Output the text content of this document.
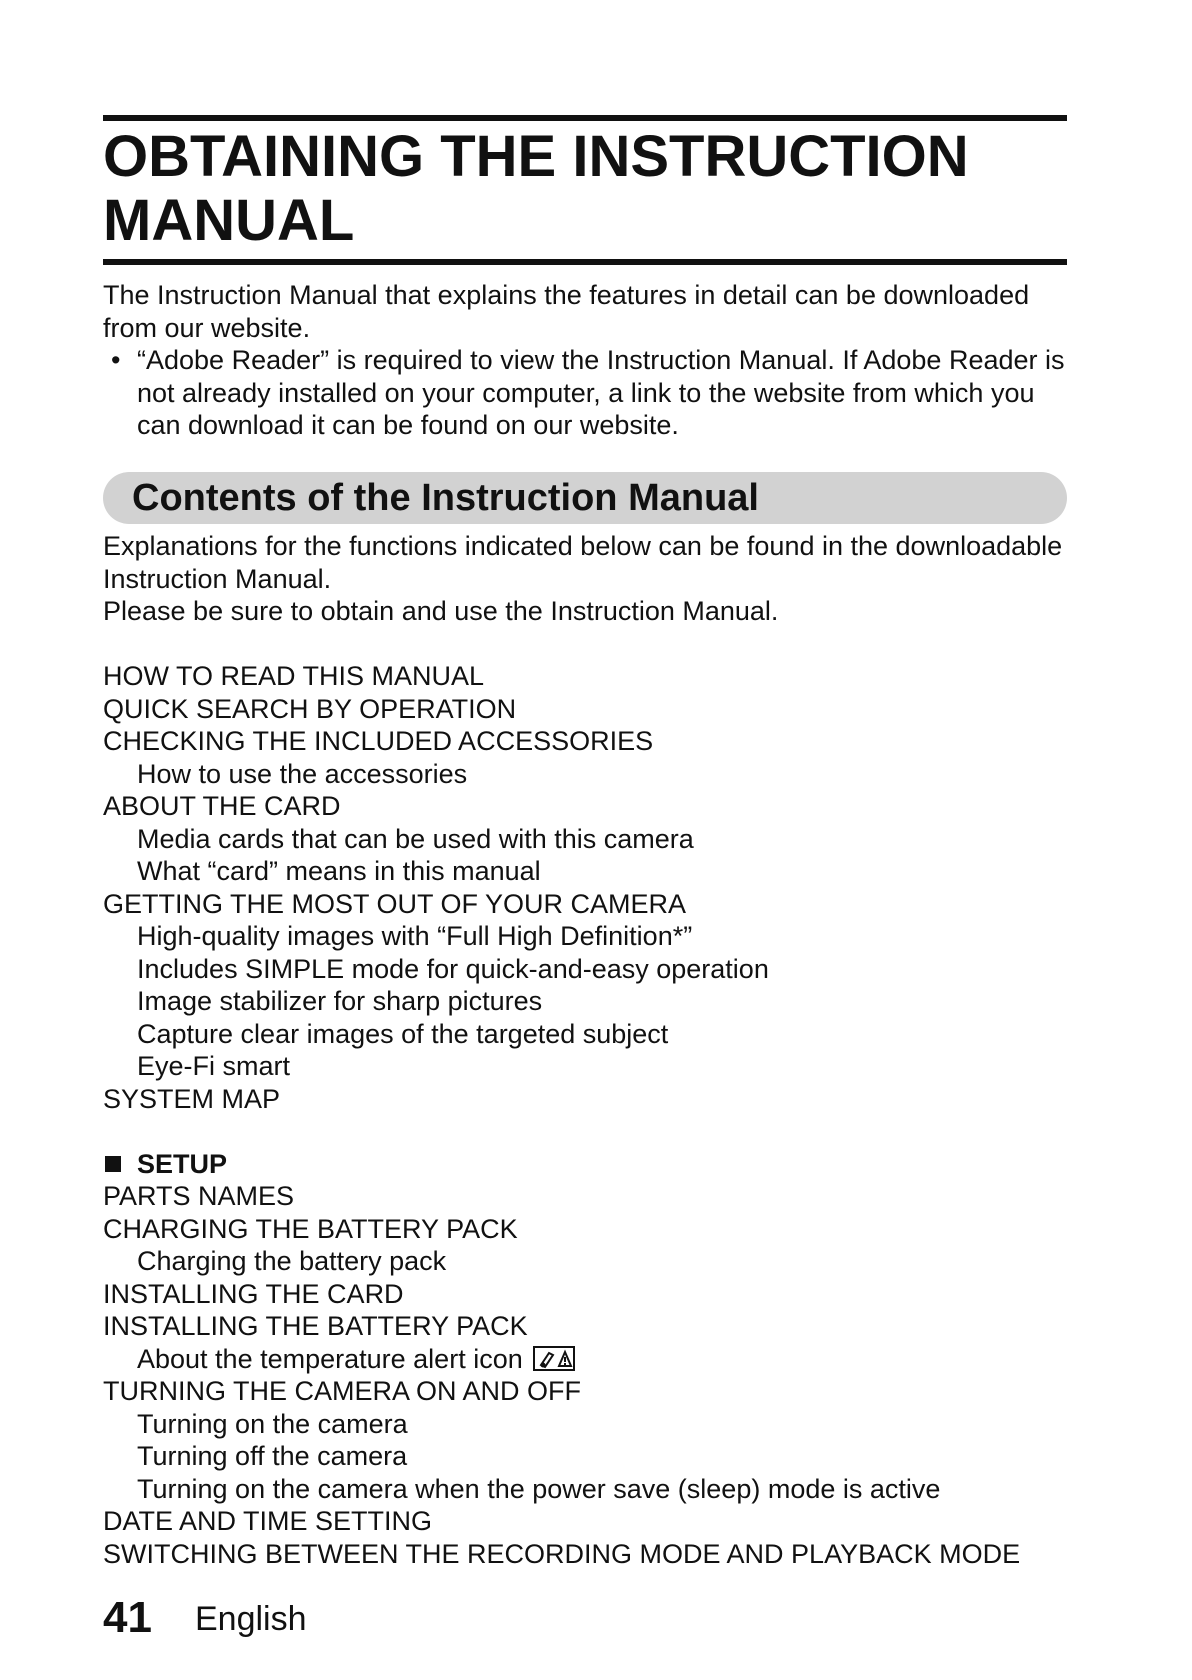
OBTAINING THE INSTRUCTION MANUAL

The Instruction Manual that explains the features in detail can be downloaded from our website.

• “Adobe Reader” is required to view the Instruction Manual. If Adobe Reader is not already installed on your computer, a link to the website from which you can download it can be found on our website.
Contents of the Instruction Manual

Explanations for the functions indicated below can be found in the downloadable Instruction Manual.

Please be sure to obtain and use the Instruction Manual.

HOW TO READ THIS MANUAL
QUICK SEARCH BY OPERATION
CHECKING THE INCLUDED ACCESSORIES
How to use the accessories
ABOUT THE CARD
Media cards that can be used with this camera
What “card” means in this manual
GETTING THE MOST OUT OF YOUR CAMERA
High-quality images with “Full High Definition*”
Includes SIMPLE mode for quick-and-easy operation
Image stabilizer for sharp pictures
Capture clear images of the targeted subject
Eye-Fi smart
SYSTEM MAP
SETUP
PARTS NAMES
CHARGING THE BATTERY PACK
Charging the battery pack
INSTALLING THE CARD
INSTALLING THE BATTERY PACK
About the temperature alert icon
TURNING THE CAMERA ON AND OFF
Turning on the camera
Turning off the camera
Turning on the camera when the power save (sleep) mode is active
DATE AND TIME SETTING
SWITCHING BETWEEN THE RECORDING MODE AND PLAYBACK MODE
41 English
